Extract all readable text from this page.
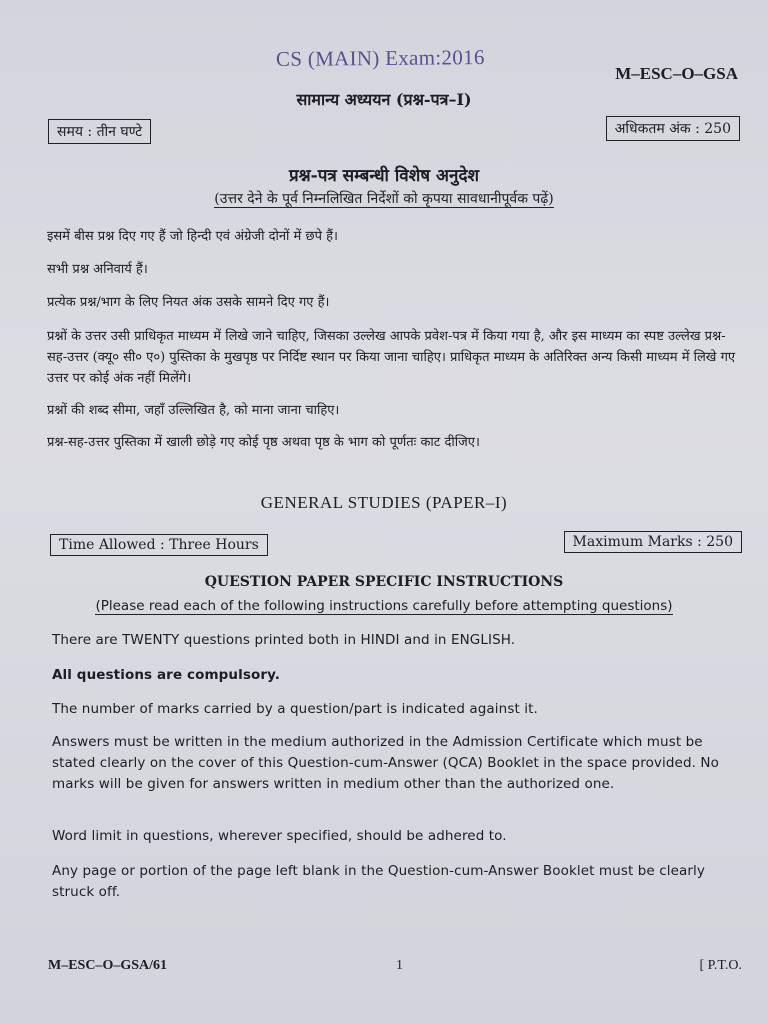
CS (MAIN) Exam:2016
M–ESC–O–GSA
सामान्य अध्ययन (प्रश्न-पत्र–I)
समय : तीन घण्टे	अधिकतम अंक : 250
प्रश्न-पत्र सम्बन्धी विशेष अनुदेश
(उत्तर देने के पूर्व निम्नलिखित निर्देशों को कृपया सावधानीपूर्वक पढ़ें)
इसमें बीस प्रश्न दिए गए हैं जो हिन्दी एवं अंग्रेजी दोनों में छपे हैं।
सभी प्रश्न अनिवार्य हैं।
प्रत्येक प्रश्न/भाग के लिए नियत अंक उसके सामने दिए गए हैं।
प्रश्नों के उत्तर उसी प्राधिकृत माध्यम में लिखे जाने चाहिए, जिसका उल्लेख आपके प्रवेश-पत्र में किया गया है, और इस माध्यम का स्पष्ट उल्लेख प्रश्न-सह-उत्तर (क्यू० सी० ए०) पुस्तिका के मुखपृष्ठ पर निर्दिष्ट स्थान पर किया जाना चाहिए। प्राधिकृत माध्यम के अतिरिक्त अन्य किसी माध्यम में लिखे गए उत्तर पर कोई अंक नहीं मिलेंगे।
प्रश्नों की शब्द सीमा, जहाँ उल्लिखित है, को माना जाना चाहिए।
प्रश्न-सह-उत्तर पुस्तिका में खाली छोड़े गए कोई पृष्ठ अथवा पृष्ठ के भाग को पूर्णतः काट दीजिए।
GENERAL STUDIES (PAPER–I)
Time Allowed : Three Hours	Maximum Marks : 250
QUESTION PAPER SPECIFIC INSTRUCTIONS
(Please read each of the following instructions carefully before attempting questions)
There are TWENTY questions printed both in HINDI and in ENGLISH.
All questions are compulsory.
The number of marks carried by a question/part is indicated against it.
Answers must be written in the medium authorized in the Admission Certificate which must be stated clearly on the cover of this Question-cum-Answer (QCA) Booklet in the space provided. No marks will be given for answers written in medium other than the authorized one.
Word limit in questions, wherever specified, should be adhered to.
Any page or portion of the page left blank in the Question-cum-Answer Booklet must be clearly struck off.
M–ESC–O–GSA/61	1	[ P.T.O.
